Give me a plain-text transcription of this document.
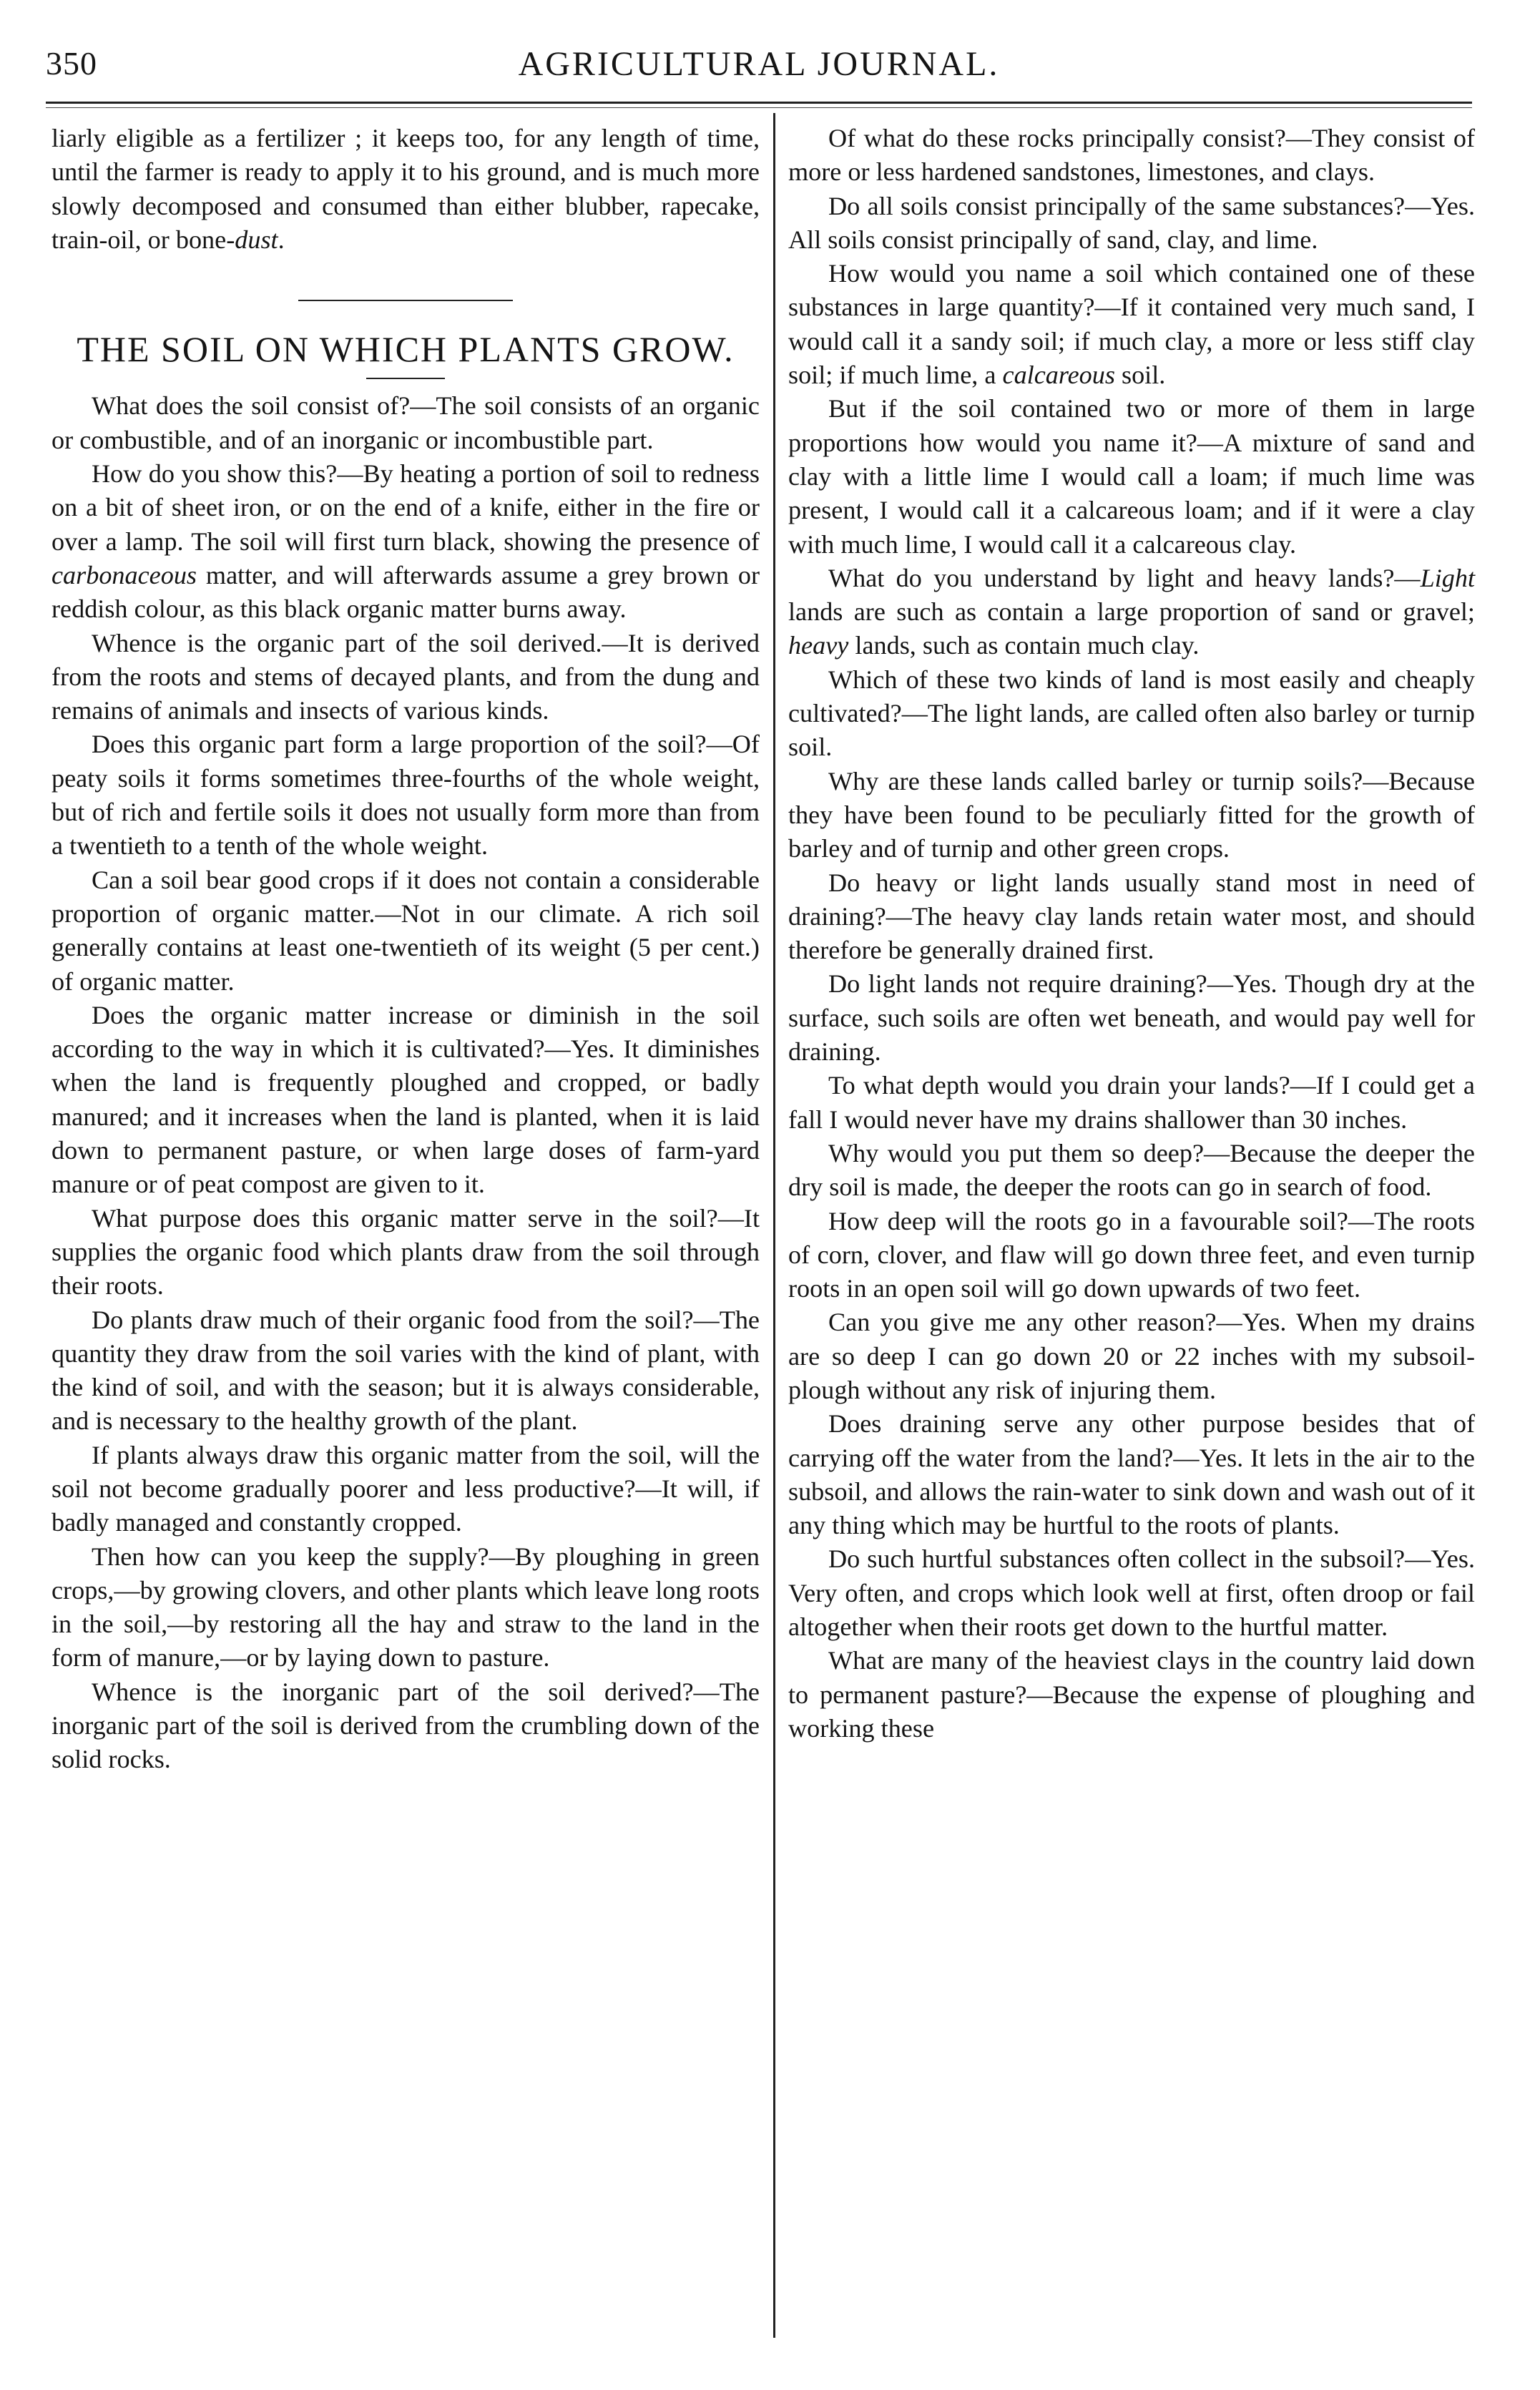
350	AGRICULTURAL JOURNAL.

liarly eligible as a fertilizer ; it keeps too, for any length of time, until the farmer is ready to apply it to his ground, and is much more slowly decomposed and consumed than either blubber, rapecake, train-oil, or bone-dust.

THE SOIL ON WHICH PLANTS GROW.

What does the soil consist of?—The soil consists of an organic or combustible, and of an inorganic or incombustible part.

How do you show this?—By heating a portion of soil to redness on a bit of sheet iron, or on the end of a knife, either in the fire or over a lamp. The soil will first turn black, showing the presence of carbonaceous matter, and will afterwards assume a grey brown or reddish colour, as this black organic matter burns away.

Whence is the organic part of the soil derived.—It is derived from the roots and stems of decayed plants, and from the dung and remains of animals and insects of various kinds.

Does this organic part form a large proportion of the soil?—Of peaty soils it forms sometimes three-fourths of the whole weight, but of rich and fertile soils it does not usually form more than from a twentieth to a tenth of the whole weight.

Can a soil bear good crops if it does not contain a considerable proportion of organic matter.—Not in our climate. A rich soil generally contains at least one-twentieth of its weight (5 per cent.) of organic matter.

Does the organic matter increase or diminish in the soil according to the way in which it is cultivated?—Yes. It diminishes when the land is frequently ploughed and cropped, or badly manured; and it increases when the land is planted, when it is laid down to permanent pasture, or when large doses of farm-yard manure or of peat compost are given to it.

What purpose does this organic matter serve in the soil?—It supplies the organic food which plants draw from the soil through their roots.

Do plants draw much of their organic food from the soil?—The quantity they draw from the soil varies with the kind of plant, with the kind of soil, and with the season; but it is always considerable, and is necessary to the healthy growth of the plant.

If plants always draw this organic matter from the soil, will the soil not become gradually poorer and less productive?—It will, if badly managed and constantly cropped.

Then how can you keep the supply?—By ploughing in green crops,—by growing clovers, and other plants which leave long roots in the soil,—by restoring all the hay and straw to the land in the form of manure,—or by laying down to pasture.

Whence is the inorganic part of the soil derived?—The inorganic part of the soil is derived from the crumbling down of the solid rocks.

Of what do these rocks principally consist?—They consist of more or less hardened sandstones, limestones, and clays.

Do all soils consist principally of the same substances?—Yes. All soils consist principally of sand, clay, and lime.

How would you name a soil which contained one of these substances in large quantity?—If it contained very much sand, I would call it a sandy soil; if much clay, a more or less stiff clay soil; if much lime, a calcareous soil.

But if the soil contained two or more of them in large proportions how would you name it?—A mixture of sand and clay with a little lime I would call a loam; if much lime was present, I would call it a calcareous loam; and if it were a clay with much lime, I would call it a calcareous clay.

What do you understand by light and heavy lands?—Light lands are such as contain a large proportion of sand or gravel; heavy lands, such as contain much clay.

Which of these two kinds of land is most easily and cheaply cultivated?—The light lands, are called often also barley or turnip soil.

Why are these lands called barley or turnip soils?—Because they have been found to be peculiarly fitted for the growth of barley and of turnip and other green crops.

Do heavy or light lands usually stand most in need of draining?—The heavy clay lands retain water most, and should therefore be generally drained first.

Do light lands not require draining?—Yes. Though dry at the surface, such soils are often wet beneath, and would pay well for draining.

To what depth would you drain your lands?—If I could get a fall I would never have my drains shallower than 30 inches.

Why would you put them so deep?—Because the deeper the dry soil is made, the deeper the roots can go in search of food.

How deep will the roots go in a favourable soil?—The roots of corn, clover, and flaw will go down three feet, and even turnip roots in an open soil will go down upwards of two feet.

Can you give me any other reason?—Yes. When my drains are so deep I can go down 20 or 22 inches with my subsoil-plough without any risk of injuring them.

Does draining serve any other purpose besides that of carrying off the water from the land?—Yes. It lets in the air to the subsoil, and allows the rain-water to sink down and wash out of it any thing which may be hurtful to the roots of plants.

Do such hurtful substances often collect in the subsoil?—Yes. Very often, and crops which look well at first, often droop or fail altogether when their roots get down to the hurtful matter.

What are many of the heaviest clays in the country laid down to permanent pasture?—Because the expense of ploughing and working these
